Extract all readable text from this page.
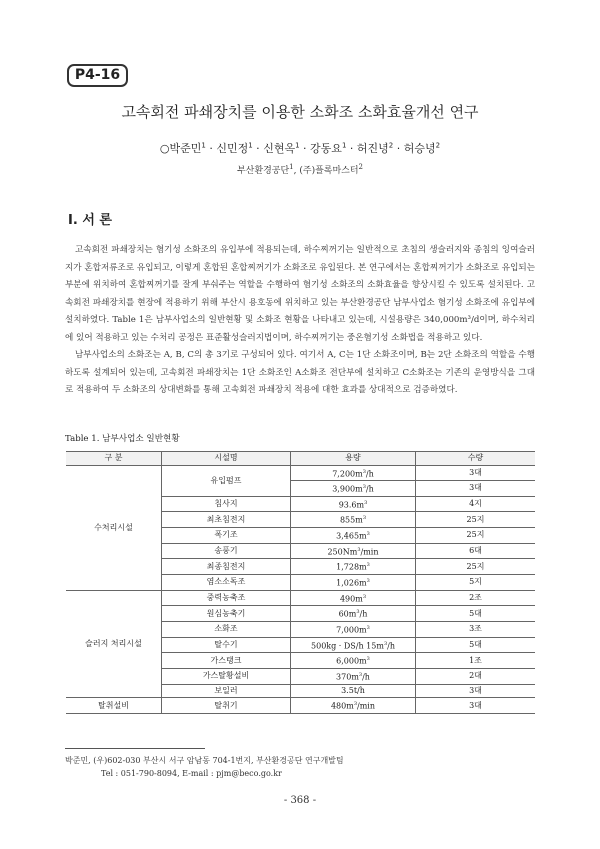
P4-16
고속회전 파쇄장치를 이용한 소화조 소화효율개선 연구
○박준민$^1$ · 신민정$^1$ · 신현옥$^1$ · 강동요$^1$ · 허진녕$^2$ · 허승녕$^2$
부산환경공단$^1$, (주)플록마스터$^2$
I. 서 론

고속회전 파쇄장치는 혐기성 소화조의 유입부에 적용되는데, 하수찌꺼기는 일반적으로 초침의 생슬러지와 종침의 잉여슬러지가 혼합저류조로 유입되고, 이렇게 혼합된 혼합찌꺼기가 소화조로 유입된다. 본 연구에서는 혼합찌꺼기가 소화조로 유입되는 부분에 위치하여 혼합찌꺼기를 잘게 부숴주는 역할을 수행하여 혐기성 소화조의 소화효율을 향상시킬 수 있도록 설치된다. 고속회전 파쇄장치를 현장에 적용하기 위해 부산시 용호동에 위치하고 있는 부산환경공단 남부사업소 혐기성 소화조에 유입부에 설치하였다. Table 1은 남부사업소의 일반현황 및 소화조 현황을 나타내고 있는데, 시설용량은 340,000m³/d이며, 하수처리에 있어 적용하고 있는 수처리 공정은 표준활성슬러지법이며, 하수찌꺼기는 중온혐기성 소화법을 적용하고 있다.

남부사업소의 소화조는 A, B, C의 총 3기로 구성되어 있다. 여기서 A, C는 1단 소화조이며, B는 2단 소화조의 역할을 수행하도록 설계되어 있는데, 고속회전 파쇄장치는 1단 소화조인 A소화조 전단부에 설치하고 C소화조는 기존의 운영방식을 그대로 적용하여 두 소화조의 상대변화를 통해 고속회전 파쇄장치 적용에 대한 효과를 상대적으로 검증하였다.

Table 1. 남부사업소 일반현황
구 분	시설명	용량	수량
수처리시설	유입펌프	$7,200m^3/h$	3대
		$3,900m^3/h$	3대
	침사지	$93.6m^3$	4지
	최초침전지	$855m^3$	25지
	폭기조	$3,465m^3$	25지
	송풍기	250Nm$^3$/min	6대
	최종침전지	$1,728m^3$	25지
	염소소독조	$1,026m^3$	5지
슬러지 처리시설	중력농축조	$490m^3$	2조
	원심농축기	$60m^3/h$	5대
	소화조	$7,000m^3$	3조
	탈수기	500kg · DS/h $15m^3/h$	5대
	가스탱크	$6,000m^3$	1조
	가스탈황설비	$370m^3/h$	2대
	보일러	3.5t/h	3대
탈취설비	탈취기	$480m^3/\min$	3대
박준민, (우)602-030 부산시 서구 암남동 704-1번지, 부산환경공단 연구개발팀
Tel : 051-790-8094, E-mail : pjm@beco.go.kr
- 368 -
